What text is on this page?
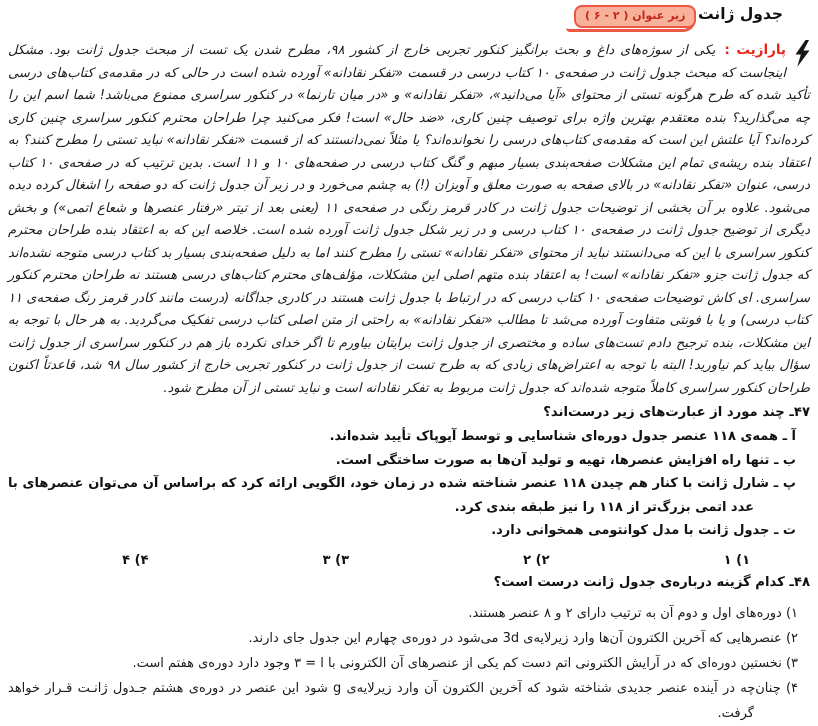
زیر عنوان ( ۲ - ۶ ) جدول ژانت
پارازیت : یکی از سوژه‌های داغ و بحث برانگیز کنکور تجربی خارج از کشور ۹۸، مطرح شدن یک تست از مبحث جدول ژانت بود. مشکل اینجاست که مبحث جدول ژانت در صفحه‌ی ۱۰ کتاب درسی در قسمت «تفکر نقادانه» آورده شده است در حالی که در مقدمه‌ی کتاب‌های درسی تأکید شده که طرح هرگونه تستی از محتوای «آیا می‌دانید»، «تفکر نقادانه» و «در میان تارنما» در کنکور سراسری ممنوع می‌باشد! شما اسم این را چه می‌گذارید؟ بنده معتقدم بهترین واژه برای توصیف چنین کاری، «ضد حال» است! فکر می‌کنید چرا طراحان محترم کنکور سراسری چنین کاری کرده‌اند؟ آیا علتش این است که مقدمه‌ی کتاب‌های درسی را نخوانده‌اند؟ یا مثلاً نمی‌دانستند که از قسمت «تفکر نقادانه» نباید تستی را مطرح کنند؟ به اعتقاد بنده ریشه‌ی تمام این مشکلات صفحه‌بندی بسیار مبهم و گنگ کتاب درسی در صفحه‌های ۱۰ و ۱۱ است. بدین ترتیب که در صفحه‌ی ۱۰ کتاب درسی، عنوان «تفکر نقادانه» در بالای صفحه به صورت معلق و آویزان (!) به چشم می‌خورد و در زیر آن جدول ژانت که دو صفحه را اشغال کرده دیده می‌شود. علاوه بر آن بخشی از توضیحات جدول ژانت در کادر قرمز رنگی در صفحه‌ی ۱۱ (یعنی بعد از تیتر «رفتار عنصرها و شعاع اتمی») و بخش دیگری از توضیح جدول ژانت در صفحه‌ی ۱۰ کتاب درسی و در زیر شکل جدول ژانت آورده شده است. خلاصه این که به اعتقاد بنده طراحان محترم کنکور سراسری با این که می‌دانستند نباید از محتوای «تفکر نقادانه» تستی را مطرح کنند اما به دلیل صفحه‌بندی بسیار بد کتاب درسی متوجه نشده‌اند که جدول ژانت جزو «تفکر نقادانه» است! به اعتقاد بنده متهم اصلی این مشکلات، مؤلف‌های محترم کتاب‌های درسی هستند نه طراحان محترم کنکور سراسری. ای کاش توضیحات صفحه‌ی ۱۰ کتاب درسی که در ارتباط با جدول ژانت هستند در کادری جداگانه (درست مانند کادر قرمز رنگ صفحه‌ی ۱۱ کتاب درسی) و یا با فونتی متفاوت آورده می‌شد تا مطالب «تفکر نقادانه» به راحتی از متن اصلی کتاب درسی تفکیک می‌گردید. به هر حال با توجه به این مشکلات، بنده ترجیح دادم تست‌های ساده و مختصری از جدول ژانت برایتان بیاورم تا اگر خدای نکرده باز هم در کنکور سراسری از جدول ژانت سؤال بیاید کم نیاورید! البته با توجه به اعتراض‌های زیادی که به طرح تست از جدول ژانت در کنکور تجربی خارج از کشور سال ۹۸ شد، قاعدتاً اکنون طراحان کنکور سراسری کاملاً متوجه شده‌اند که جدول ژانت مربوط به تفکر نقادانه است و نباید تستی از آن مطرح شود.
۴۷ـ چند مورد از عبارت‌های زیر درست‌اند؟
آ ـ همه‌ی ۱۱۸ عنصر جدول دوره‌ای شناسایی و توسط آیوپاک تأیید شده‌اند.
ب ـ تنها راه افزایش عنصرها، تهیه و تولید آن‌ها به صورت ساختگی است.
پ ـ شارل ژانت با کنار هم چیدن ۱۱۸ عنصر شناخته شده در زمان خود، الگویی ارائه کرد که براساس آن می‌توان عنصرهای با عدد اتمی بزرگ‌تر از ۱۱۸ را نیز طبقه بندی کرد.
ت ـ جدول ژانت با مدل کوانتومی همخوانی دارد.
۱) ۱
۲) ۲
۳) ۳
۴) ۴
۴۸ـ کدام گزینه درباره‌ی جدول ژانت درست است؟
۱) دوره‌های اول و دوم آن به ترتیب دارای ۲ و ۸ عنصر هستند.
۲) عنصرهایی که آخرین الکترون آن‌ها وارد زیرلایه‌ی 3d می‌شود در دوره‌ی چهارم این جدول جای دارند.
۳) نخستین دوره‌ای که در آرایش الکترونی اتم دست کم یکی از عنصرهای آن الکترونی با ‪۳ = l‬ وجود دارد دوره‌ی هفتم است.
۴) چنان‌چه در آینده عنصر جدیدی شناخته شود که آخرین الکترون آن وارد زیرلایه‌ی g شود این عنصر در دوره‌ی هشتم جـدول ژانـت قـرار خواهد گرفت.
